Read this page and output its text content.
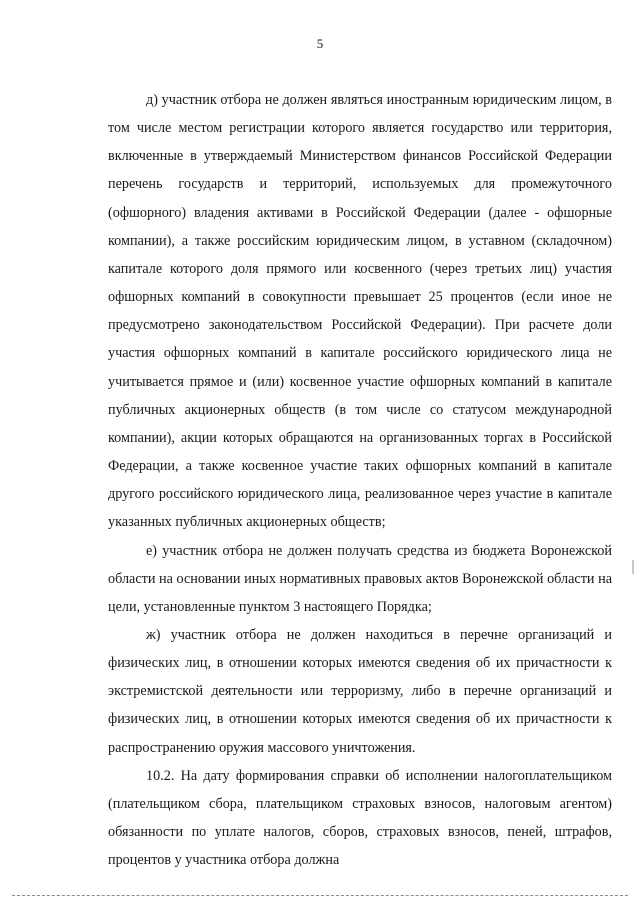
5

д) участник отбора не должен являться иностранным юридическим лицом, в том числе местом регистрации которого является государство или территория, включенные в утверждаемый Министерством финансов Российской Федерации перечень государств и территорий, используемых для промежуточного (офшорного) владения активами в Российской Федерации (далее - офшорные компании), а также российским юридическим лицом, в уставном (складочном) капитале которого доля прямого или косвенного (через третьих лиц) участия офшорных компаний в совокупности превышает 25 процентов (если иное не предусмотрено законодательством Российской Федерации). При расчете доли участия офшорных компаний в капитале российского юридического лица не учитывается прямое и (или) косвенное участие офшорных компаний в капитале публичных акционерных обществ (в том числе со статусом международной компании), акции которых обращаются на организованных торгах в Российской Федерации, а также косвенное участие таких офшорных компаний в капитале другого российского юридического лица, реализованное через участие в капитале указанных публичных акционерных обществ;

е) участник отбора не должен получать средства из бюджета Воронежской области на основании иных нормативных правовых актов Воронежской области на цели, установленные пунктом 3 настоящего Порядка;

ж) участник отбора не должен находиться в перечне организаций и физических лиц, в отношении которых имеются сведения об их причастности к экстремистской деятельности или терроризму, либо в перечне организаций и физических лиц, в отношении которых имеются сведения об их причастности к распространению оружия массового уничтожения.

10.2. На дату формирования справки об исполнении налогоплательщиком (плательщиком сбора, плательщиком страховых взносов, налоговым агентом) обязанности по уплате налогов, сборов, страховых взносов, пеней, штрафов, процентов у участника отбора должна
